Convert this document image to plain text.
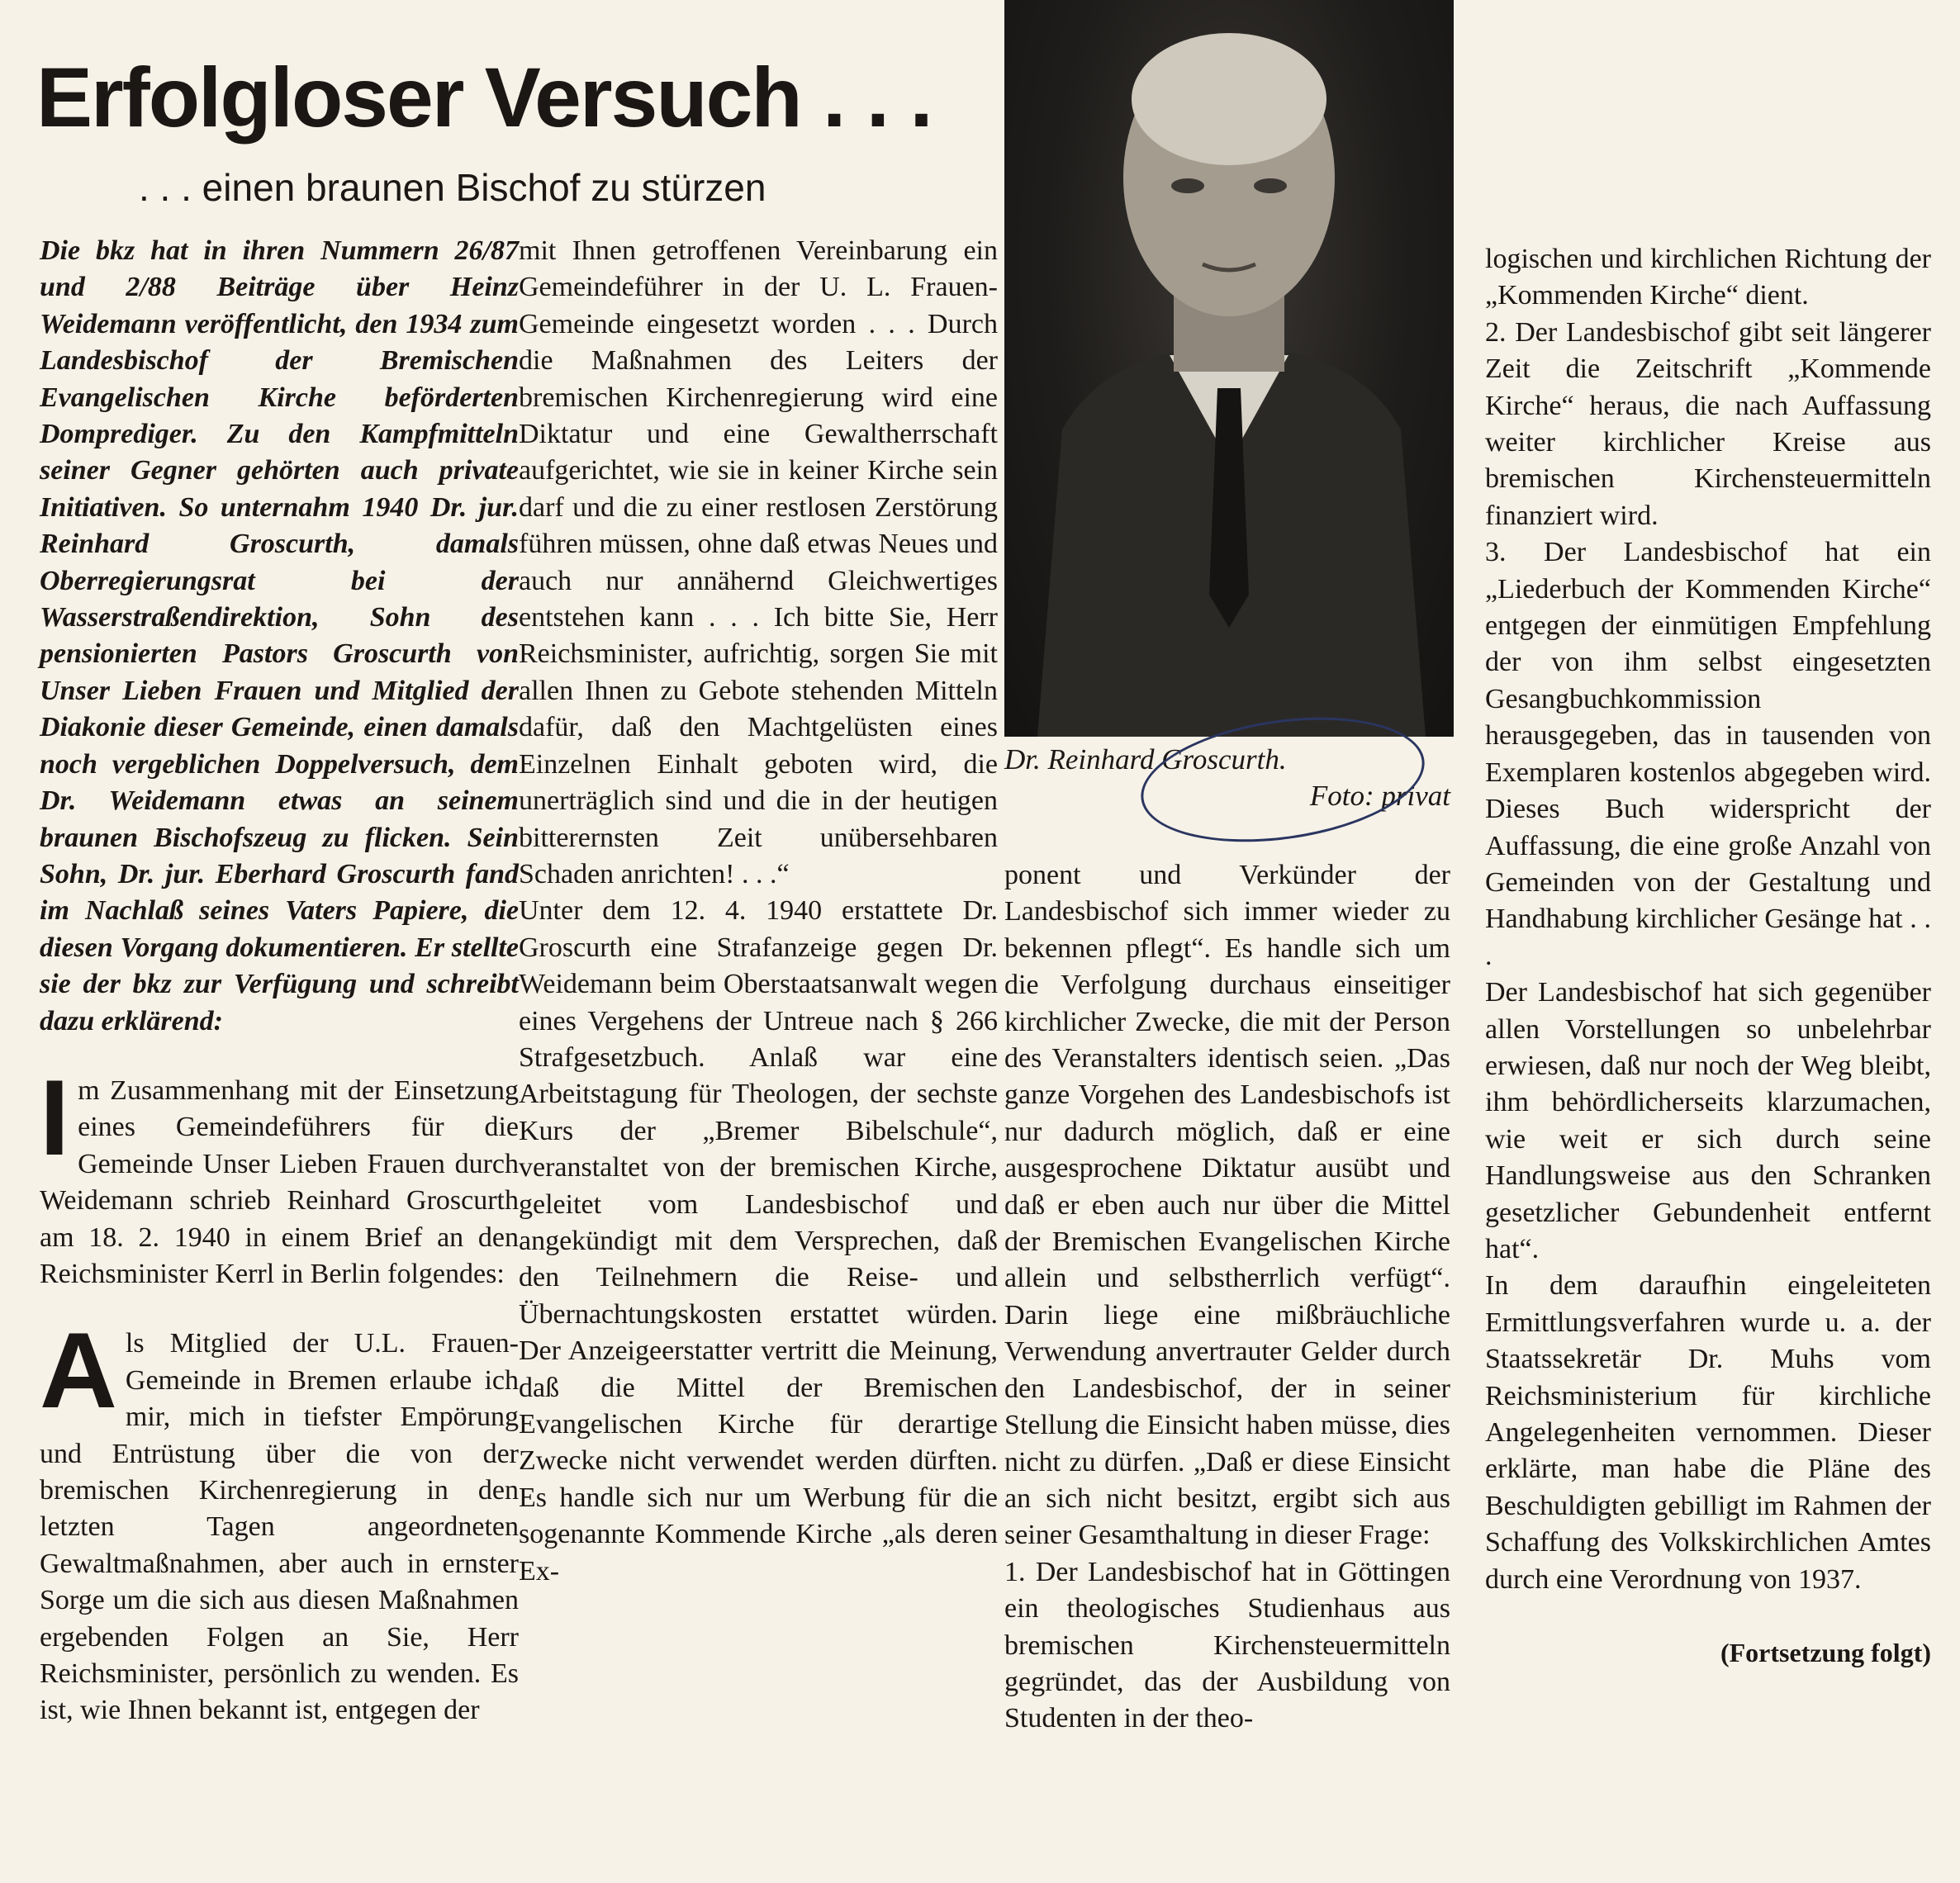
Erfolgloser Versuch . . .
. . . einen braunen Bischof zu stürzen

Die bkz hat in ihren Nummern 26/87 und 2/88 Beiträge über Heinz Weidemann veröffentlicht, den 1934 zum Landesbischof der Bremischen Evangelischen Kirche beförderten Domprediger. Zu den Kampfmitteln seiner Gegner gehörten auch private Initiativen. So unternahm 1940 Dr. jur. Reinhard Groscurth, damals Oberregierungsrat bei der Wasserstraßendirektion, Sohn des pensionierten Pastors Groscurth von Unser Lieben Frauen und Mitglied der Diakonie dieser Gemeinde, einen damals noch vergeblichen Doppelversuch, dem Dr. Weidemann etwas an seinem braunen Bischofszeug zu flicken. Sein Sohn, Dr. jur. Eberhard Groscurth fand im Nachlaß seines Vaters Papiere, die diesen Vorgang dokumentieren. Er stellte sie der bkz zur Verfügung und schreibt dazu erklärend:

Im Zusammenhang mit der Einsetzung eines Gemeindeführers für die Gemeinde Unser Lieben Frauen durch Weidemann schrieb Reinhard Groscurth am 18. 2. 1940 in einem Brief an den Reichsminister Kerrl in Berlin folgendes:

Als Mitglied der U.L. Frauen-Gemeinde in Bremen erlaube ich mir, mich in tiefster Empörung und Entrüstung über die von der bremischen Kirchenregierung in den letzten Tagen angeordneten Gewaltmaßnahmen, aber auch in ernster Sorge um die sich aus diesen Maßnahmen ergebenden Folgen an Sie, Herr Reichsminister, persönlich zu wenden. Es ist, wie Ihnen bekannt ist, entgegen der

mit Ihnen getroffenen Vereinbarung ein Gemeindeführer in der U. L. Frauen-Gemeinde eingesetzt worden . . . Durch die Maßnahmen des Leiters der bremischen Kirchenregierung wird eine Diktatur und eine Gewaltherrschaft aufgerichtet, wie sie in keiner Kirche sein darf und die zu einer restlosen Zerstörung führen müssen, ohne daß etwas Neues und auch nur annähernd Gleichwertiges entstehen kann . . . Ich bitte Sie, Herr Reichsminister, aufrichtig, sorgen Sie mit allen Ihnen zu Gebote stehenden Mitteln dafür, daß den Machtgelüsten eines Einzelnen Einhalt geboten wird, die unerträglich sind und die in der heutigen bitterernsten Zeit unübersehbaren Schaden anrichten! . . .“

Unter dem 12. 4. 1940 erstattete Dr. Groscurth eine Strafanzeige gegen Dr. Weidemann beim Oberstaatsanwalt wegen eines Vergehens der Untreue nach § 266 Strafgesetzbuch. Anlaß war eine Arbeitstagung für Theologen, der sechste Kurs der „Bremer Bibelschule“, veranstaltet von der bremischen Kirche, geleitet vom Landesbischof und angekündigt mit dem Versprechen, daß den Teilnehmern die Reise- und Übernachtungskosten erstattet würden. Der Anzeigeerstatter vertritt die Meinung, daß die Mittel der Bremischen Evangelischen Kirche für derartige Zwecke nicht verwendet werden dürften. Es handle sich nur um Werbung für die sogenannte Kommende Kirche „als deren Ex-

Dr. Reinhard Groscurth.
Foto: privat

ponent und Verkünder der Landesbischof sich immer wieder zu bekennen pflegt“. Es handle sich um die Verfolgung durchaus einseitiger kirchlicher Zwecke, die mit der Person des Veranstalters identisch seien. „Das ganze Vorgehen des Landesbischofs ist nur dadurch möglich, daß er eine ausgesprochene Diktatur ausübt und daß er eben auch nur über die Mittel der Bremischen Evangelischen Kirche allein und selbstherrlich verfügt“. Darin liege eine mißbräuchliche Verwendung anvertrauter Gelder durch den Landesbischof, der in seiner Stellung die Einsicht haben müsse, dies nicht zu dürfen. „Daß er diese Einsicht an sich nicht besitzt, ergibt sich aus seiner Gesamthaltung in dieser Frage:

1. Der Landesbischof hat in Göttingen ein theologisches Studienhaus aus bremischen Kirchensteuermitteln gegründet, das der Ausbildung von Studenten in der theo-

logischen und kirchlichen Richtung der „Kommenden Kirche“ dient.

2. Der Landesbischof gibt seit längerer Zeit die Zeitschrift „Kommende Kirche“ heraus, die nach Auffassung weiter kirchlicher Kreise aus bremischen Kirchensteuermitteln finanziert wird.

3. Der Landesbischof hat ein „Liederbuch der Kommenden Kirche“ entgegen der einmütigen Empfehlung der von ihm selbst eingesetzten Gesangbuchkommission herausgegeben, das in tausenden von Exemplaren kostenlos abgegeben wird. Dieses Buch widerspricht der Auffassung, die eine große Anzahl von Gemeinden von der Gestaltung und Handhabung kirchlicher Gesänge hat . . .

Der Landesbischof hat sich gegenüber allen Vorstellungen so unbelehrbar erwiesen, daß nur noch der Weg bleibt, ihm behördlicherseits klarzumachen, wie weit er sich durch seine Handlungsweise aus den Schranken gesetzlicher Gebundenheit entfernt hat“.

In dem daraufhin eingeleiteten Ermittlungsverfahren wurde u. a. der Staatssekretär Dr. Muhs vom Reichsministerium für kirchliche Angelegenheiten vernommen. Dieser erklärte, man habe die Pläne des Beschuldigten gebilligt im Rahmen der Schaffung des Volkskirchlichen Amtes durch eine Verordnung von 1937.

(Fortsetzung folgt)
